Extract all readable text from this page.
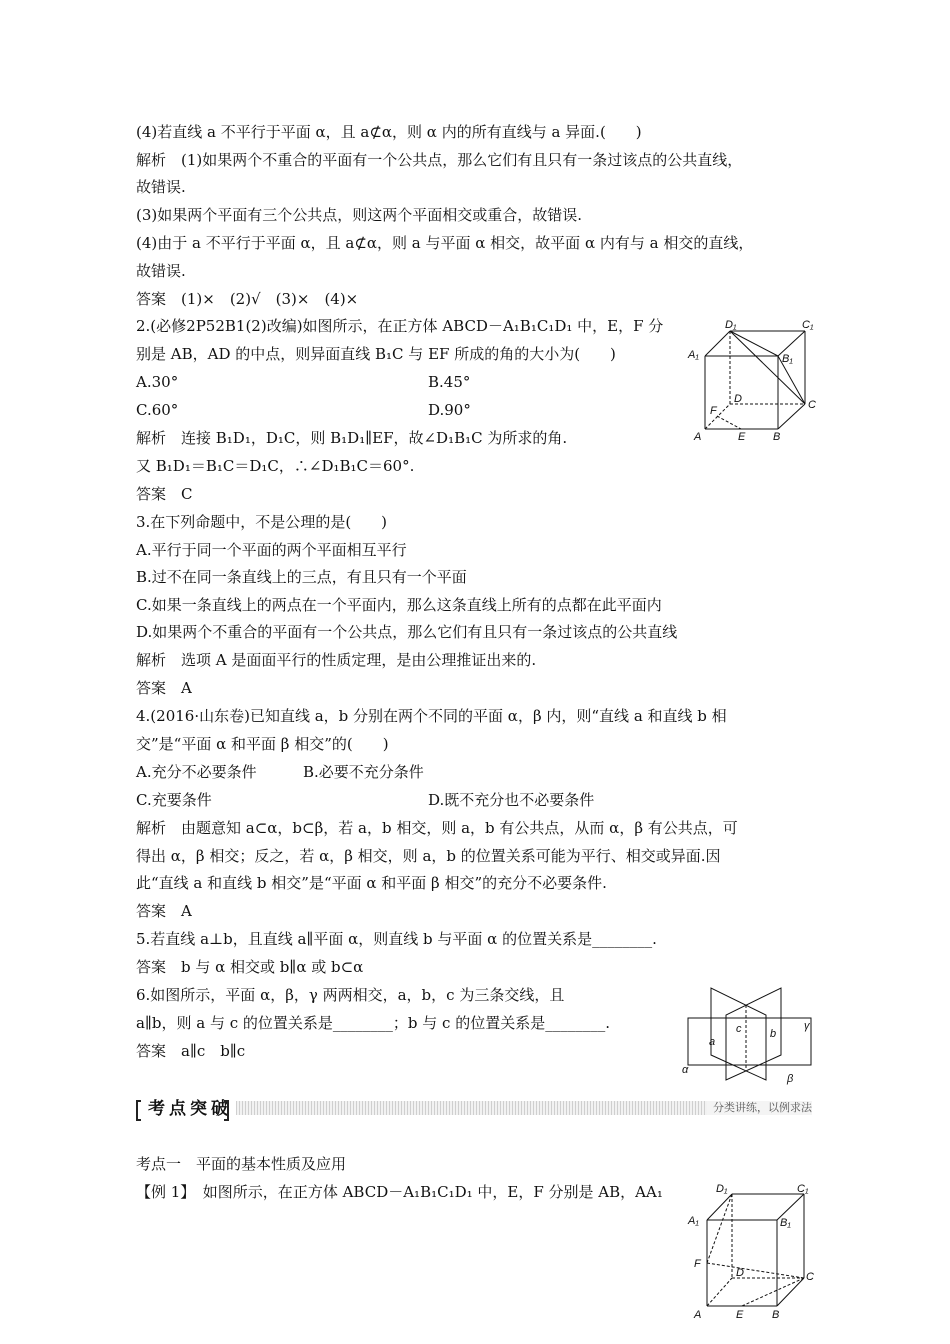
(4)若直线 a 不平行于平面 α，且 a⊄α，则 α 内的所有直线与 a 异面.(　　)
解析　(1)如果两个不重合的平面有一个公共点，那么它们有且只有一条过该点的公共直线，
故错误.
(3)如果两个平面有三个公共点，则这两个平面相交或重合，故错误.
(4)由于 a 不平行于平面 α，且 a⊄α，则 a 与平面 α 相交，故平面 α 内有与 a 相交的直线，
故错误.
答案　(1)×　(2)√　(3)×　(4)×
2.(必修2P52B1(2)改编)如图所示，在正方体 ABCD－A₁B₁C₁D₁ 中，E，F 分
别是 AB，AD 的中点，则异面直线 B₁C 与 EF 所成的角的大小为(　　)
A.30°	B.45°
C.60°	D.90°
解析　连接 B₁D₁，D₁C，则 B₁D₁∥EF，故∠D₁B₁C 为所求的角.
又 B₁D₁＝B₁C＝D₁C，∴∠D₁B₁C＝60°.
答案　C
3.在下列命题中，不是公理的是(　　)
A.平行于同一个平面的两个平面相互平行
B.过不在同一条直线上的三点，有且只有一个平面
C.如果一条直线上的两点在一个平面内，那么这条直线上所有的点都在此平面内
D.如果两个不重合的平面有一个公共点，那么它们有且只有一条过该点的公共直线
解析　选项 A 是面面平行的性质定理，是由公理推证出来的.
答案　A
4.(2016·山东卷)已知直线 a，b 分别在两个不同的平面 α，β 内，则“直线 a 和直线 b 相
交”是“平面 α 和平面 β 相交”的(　　)
A.充分不必要条件	B.必要不充分条件
C.充要条件	D.既不充分也不必要条件
解析　由题意知 a⊂α，b⊂β，若 a，b 相交，则 a，b 有公共点，从而 α，β 有公共点，可
得出 α，β 相交；反之，若 α，β 相交，则 a，b 的位置关系可能为平行、相交或异面.因
此“直线 a 和直线 b 相交”是“平面 α 和平面 β 相交”的充分不必要条件.
答案　A
5.若直线 a⊥b，且直线 a∥平面 α，则直线 b 与平面 α 的位置关系是________.
答案　b 与 α 相交或 b∥α 或 b⊂α
6.如图所示，平面 α，β，γ 两两相交，a，b，c 为三条交线，且
a∥b，则 a 与 c 的位置关系是________；b 与 c 的位置关系是________.
答案　a∥c　b∥c
考点突破	分类讲练，以例求法
考点一　平面的基本性质及应用
【例 1】　如图所示，在正方体 ABCD－A₁B₁C₁D₁ 中，E，F 分别是 AB，AA₁
D₁	C₁
A₁	B₁
D	C
F
A	E	B
γ
α
β
a
b
c
D₁	C₁
A₁	B₁
D	C
F
A	E	B
